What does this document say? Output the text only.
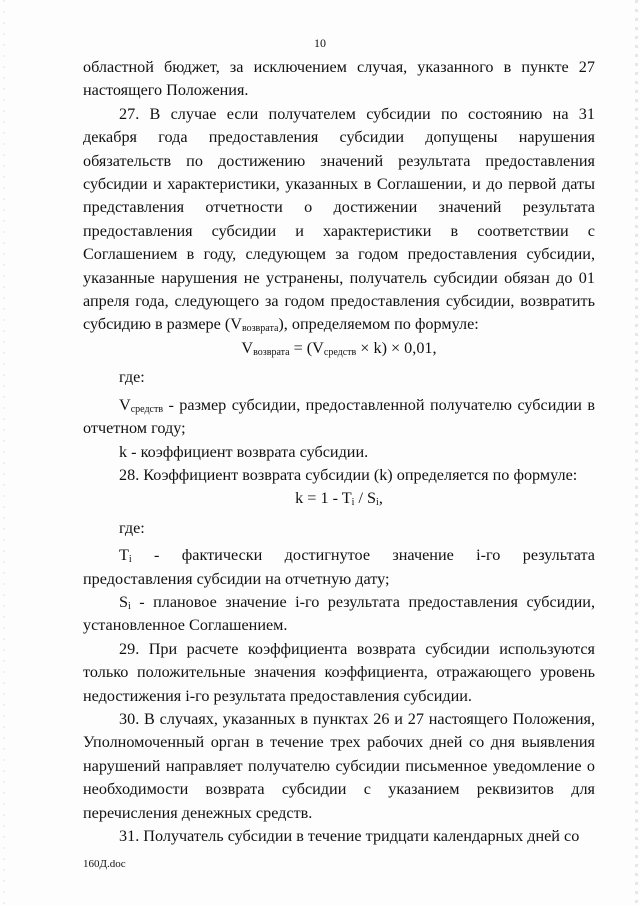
10

областной бюджет, за исключением случая, указанного в пункте 27 настоящего Положения.

27. В случае если получателем субсидии по состоянию на 31 декабря года предоставления субсидии допущены нарушения обязательств по достижению значений результата предоставления субсидии и характеристики, указанных в Соглашении, и до первой даты представления отчетности о достижении значений результата предоставления субсидии и характеристики в соответствии с Соглашением в году, следующем за годом предоставления субсидии, указанные нарушения не устранены, получатель субсидии обязан до 01 апреля года, следующего за годом предоставления субсидии, возвратить субсидию в размере $(V_{возврата})$, определяемом по формуле:

$V_{возврата} = (V_{средств} \times k) \times 0,01$,

где:

$V_{средств}$ - размер субсидии, предоставленной получателю субсидии в отчетном году;

k - коэффициент возврата субсидии.

28. Коэффициент возврата субсидии (k) определяется по формуле:

$k = 1 - T_i / S_i$,

где:

$T_i$ - фактически достигнутое значение i-го результата предоставления субсидии на отчетную дату;

$S_i$ - плановое значение i-го результата предоставления субсидии, установленное Соглашением.

29. При расчете коэффициента возврата субсидии используются только положительные значения коэффициента, отражающего уровень недостижения i-го результата предоставления субсидии.

30. В случаях, указанных в пунктах 26 и 27 настоящего Положения, Уполномоченный орган в течение трех рабочих дней со дня выявления нарушений направляет получателю субсидии письменное уведомление о необходимости возврата субсидии с указанием реквизитов для перечисления денежных средств.

31. Получатель субсидии в течение тридцати календарных дней со

160Д.doc
